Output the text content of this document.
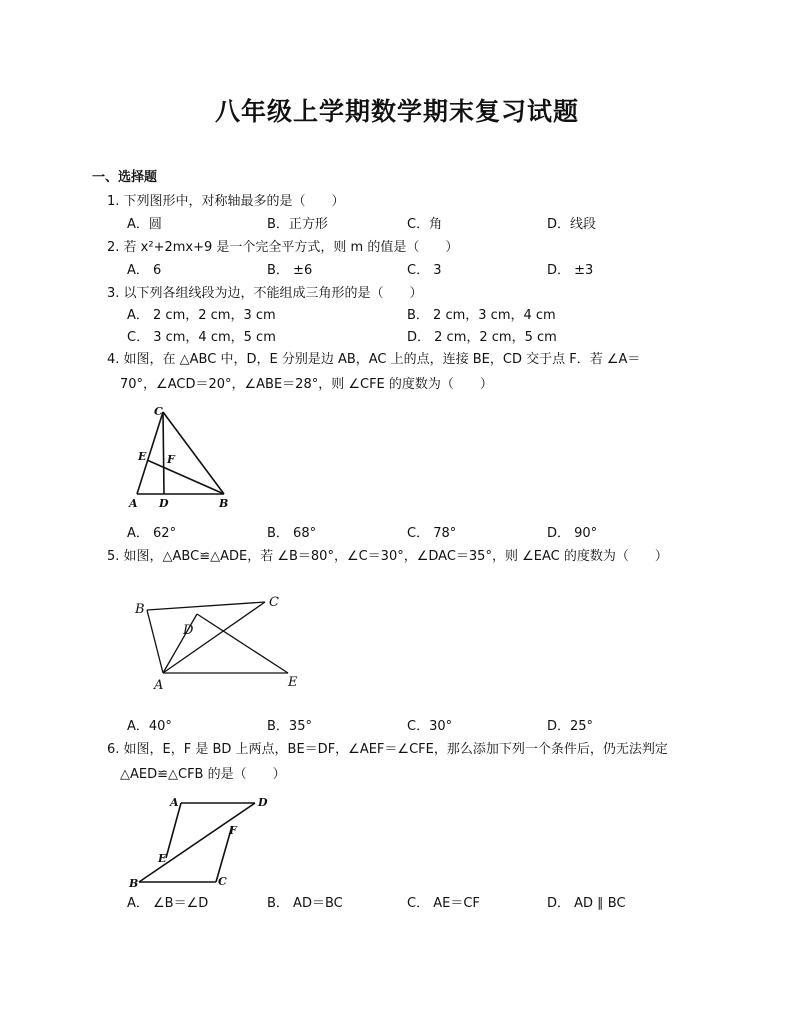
八年级上学期数学期末复习试题
一、选择题
1. 下列图形中，对称轴最多的是（　　）
A．圆	B．正方形	C．角	D．线段
2. 若 x²+2mx+9 是一个完全平方式，则 m 的值是（　　）
A． 6	B． ±6	C． 3	D． ±3
3. 以下列各组线段为边，不能组成三角形的是（　　）
A． 2 cm，2 cm，3 cm	B． 2 cm，3 cm，4 cm
C． 3 cm，4 cm，5 cm	D． 2 cm，2 cm，5 cm
4. 如图，在 △ABC 中，D，E 分别是边 AB，AC 上的点，连接 BE，CD 交于点 F．若 ∠A＝
70°，∠ACD＝20°，∠ABE＝28°，则 ∠CFE 的度数为（　　）
C
E F
A D	B
A． 62°	B． 68°	C． 78°	D． 90°
5. 如图，△ABC≌△ADE，若 ∠B＝80°，∠C＝30°，∠DAC＝35°，则 ∠EAC 的度数为（　　）
B	C
D
A	E
A．40°	B．35°	C．30°	D．25°
6. 如图，E，F 是 BD 上两点，BE＝DF，∠AEF＝∠CFE，那么添加下列一个条件后，仍无法判定
△AED≌△CFB 的是（　　）
A	D
F
E
B	C
A． ∠B＝∠D	B． AD＝BC	C． AE＝CF	D． AD ∥ BC
